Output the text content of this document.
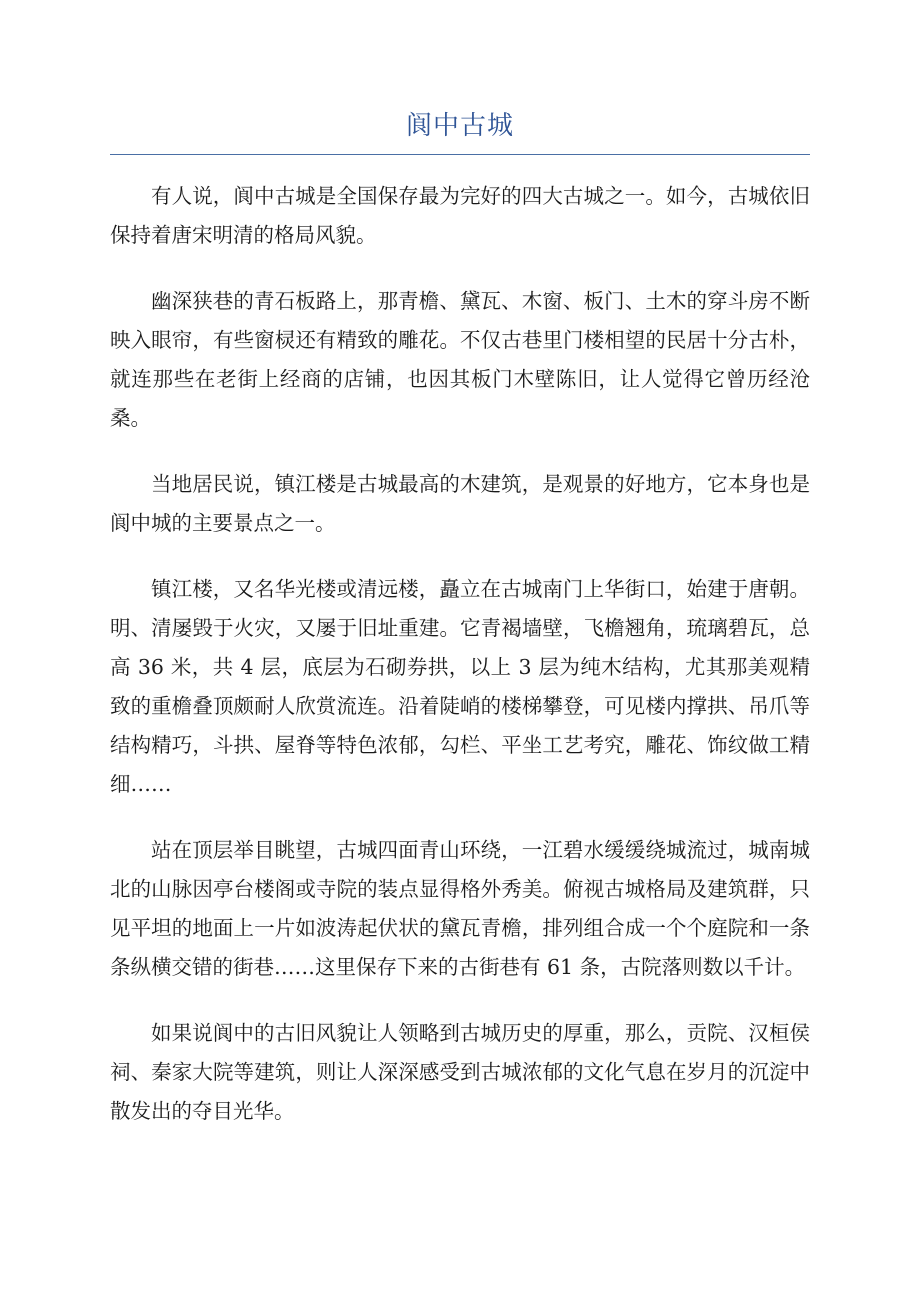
阆中古城

有人说，阆中古城是全国保存最为完好的四大古城之一。如今，古城依旧保持着唐宋明清的格局风貌。

幽深狭巷的青石板路上，那青檐、黛瓦、木窗、板门、土木的穿斗房不断映入眼帘，有些窗棂还有精致的雕花。不仅古巷里门楼相望的民居十分古朴，就连那些在老街上经商的店铺，也因其板门木壁陈旧，让人觉得它曾历经沧桑。

当地居民说，镇江楼是古城最高的木建筑，是观景的好地方，它本身也是阆中城的主要景点之一。

镇江楼，又名华光楼或清远楼，矗立在古城南门上华街口，始建于唐朝。明、清屡毁于火灾，又屡于旧址重建。它青褐墙壁，飞檐翘角，琉璃碧瓦，总高 36 米，共 4 层，底层为石砌券拱，以上 3 层为纯木结构，尤其那美观精致的重檐叠顶颇耐人欣赏流连。沿着陡峭的楼梯攀登，可见楼内撑拱、吊爪等结构精巧，斗拱、屋脊等特色浓郁，勾栏、平坐工艺考究，雕花、饰纹做工精细……

站在顶层举目眺望，古城四面青山环绕，一江碧水缓缓绕城流过，城南城北的山脉因亭台楼阁或寺院的装点显得格外秀美。俯视古城格局及建筑群，只见平坦的地面上一片如波涛起伏状的黛瓦青檐，排列组合成一个个庭院和一条条纵横交错的街巷……这里保存下来的古街巷有 61 条，古院落则数以千计。

如果说阆中的古旧风貌让人领略到古城历史的厚重，那么，贡院、汉桓侯祠、秦家大院等建筑，则让人深深感受到古城浓郁的文化气息在岁月的沉淀中散发出的夺目光华。
